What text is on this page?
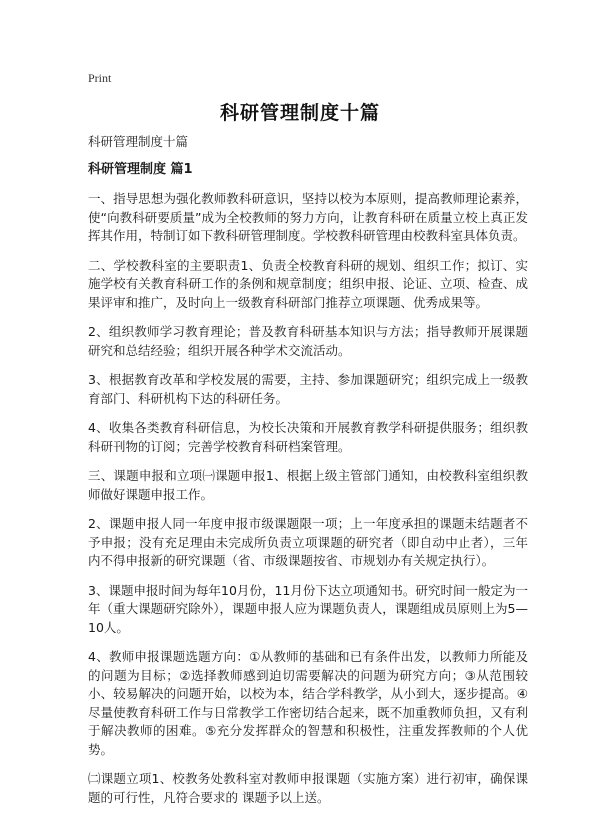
Print
科研管理制度十篇
科研管理制度十篇
科研管理制度 篇1

一、指导思想为强化教师教科研意识，坚持以校为本原则，提高教师理论素养，使“向教科研要质量”成为全校教师的努力方向，让教育科研在质量立校上真正发挥其作用，特制订如下教科研管理制度。学校教科研管理由校教科室具体负责。

二、学校教科室的主要职责1、负责全校教育科研的规划、组织工作；拟订、实施学校有关教育科研工作的条例和规章制度；组织申报、论证、立项、检查、成果评审和推广，及时向上一级教育科研部门推荐立项课题、优秀成果等。

2、组织教师学习教育理论；普及教育科研基本知识与方法；指导教师开展课题研究和总结经验；组织开展各种学术交流活动。

3、根据教育改革和学校发展的需要，主持、参加课题研究；组织完成上一级教育部门、科研机构下达的科研任务。

4、收集各类教育科研信息，为校长决策和开展教育教学科研提供服务；组织教科研刊物的订阅；完善学校教育科研档案管理。

三、课题申报和立项㈠课题申报1、根据上级主管部门通知，由校教科室组织教师做好课题申报工作。

2、课题申报人同一年度申报市级课题限一项；上一年度承担的课题未结题者不予申报；没有充足理由未完成所负责立项课题的研究者（即自动中止者），三年内不得申报新的研究课题（省、市级课题按省、市规划办有关规定执行）。

3、课题申报时间为每年10月份，11月份下达立项通知书。研究时间一般定为一年（重大课题研究除外），课题申报人应为课题负责人，课题组成员原则上为5—10人。

4、教师申报课题选题方向：①从教师的基础和已有条件出发，以教师力所能及的问题为目标；②选择教师感到迫切需要解决的问题为研究方向；③从范围较小、较易解决的问题开始，以校为本，结合学科教学，从小到大，逐步提高。④尽量使教育科研工作与日常教学工作密切结合起来，既不加重教师负担，又有利于解决教师的困难。⑤充分发挥群众的智慧和积极性，注重发挥教师的个人优势。

㈡课题立项1、校教务处教科室对教师申报课题（实施方案）进行初审，确保课题的可行性，凡符合要求的 课题予以上送。
